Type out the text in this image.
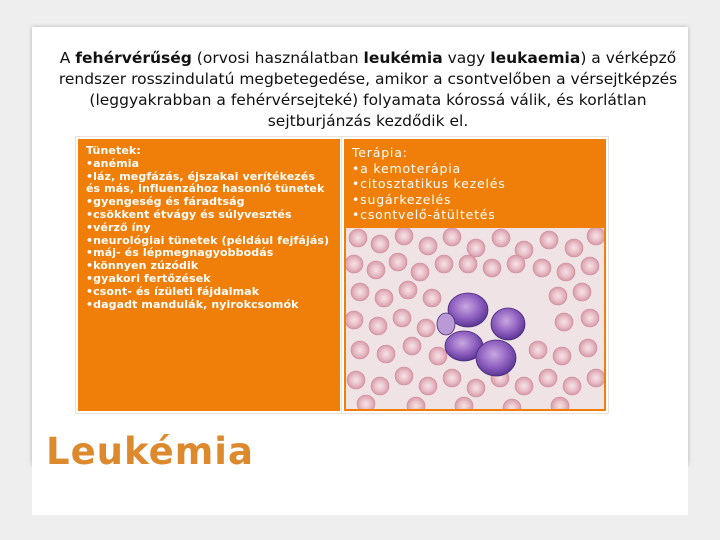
A fehérvérűség (orvosi használatban leukémia vagy leukaemia) a vérképző rendszer rosszindulatú megbetegedése, amikor a csontvelőben a vérsejtképzés (leggyakrabban a fehérvérsejteké) folyamata kórossá válik, és korlátlan sejtburjánzás kezdődik el.
Tünetek:
•anémia
•láz, megfázás, éjszakai verítékezés és más, influenzához hasonló tünetek
•gyengeség és fáradtság
•csökkent étvágy és súlyvesztés
•vérző íny
•neurológiai tünetek (például fejfájás)
•máj- és lépmegnagyobbodás
•könnyen zúzódik
•gyakori fertőzések
•csont- és ízületi fájdalmak
•dagadt mandulák, nyirokcsomók
Terápia:
•a kemoterápia
•citosztatikus kezelés
•sugárkezelés
•csontvelő-átültetés
Leukémia
